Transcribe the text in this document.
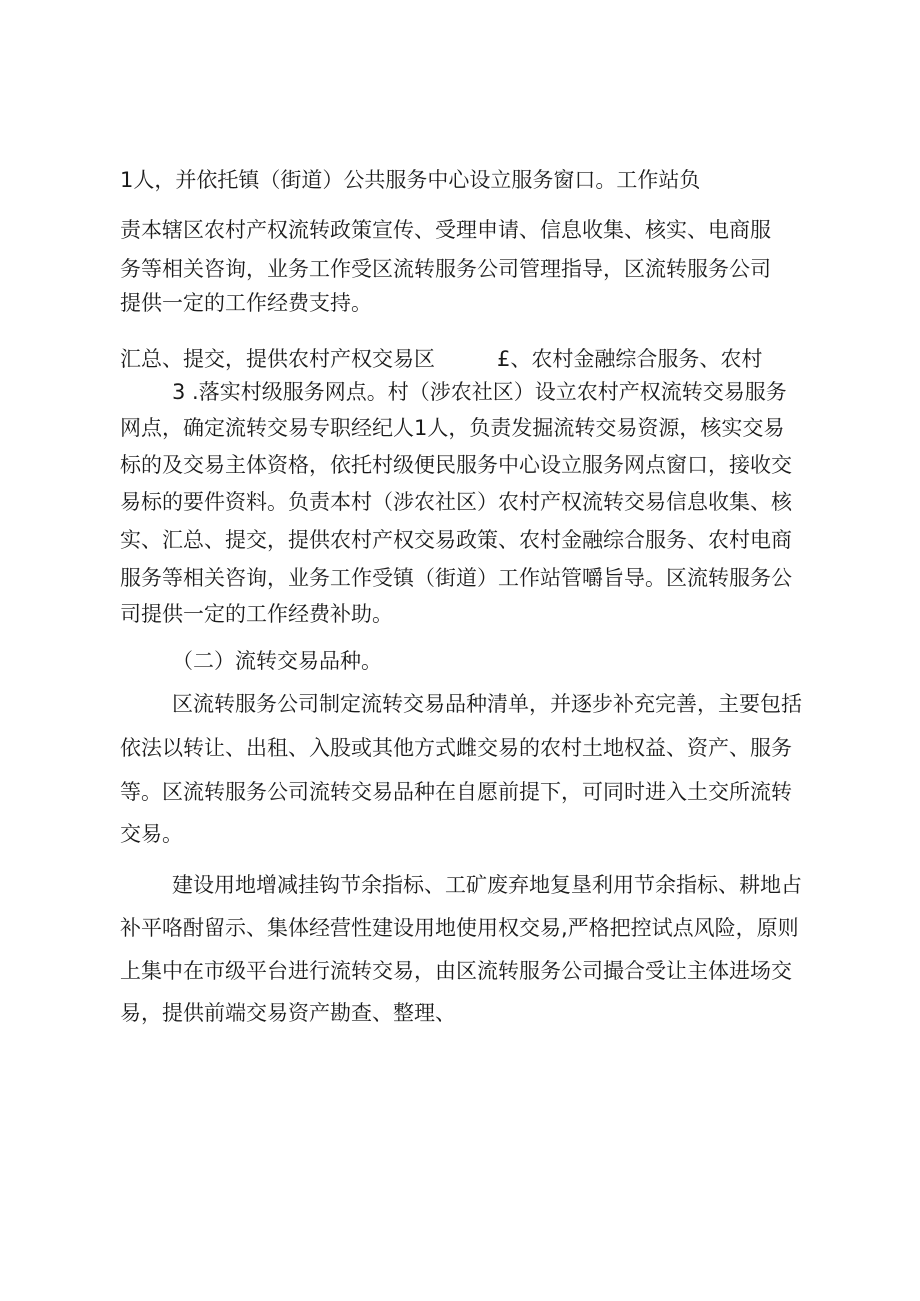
1人，并依托镇（街道）公共服务中心设立服务窗口。工作站负
责本辖区农村产权流转政策宣传、受理申请、信息收集、核实、电商服
务等相关咨询，业务工作受区流转服务公司管理指导，区流转服务公司
提供一定的工作经费支持。
汇总、提交，提供农村产权交易区	£、农村金融综合服务、农村
3 .落实村级服务网点。村（涉农社区）设立农村产权流转交易服务
网点，确定流转交易专职经纪人1人，负责发掘流转交易资源，核实交易
标的及交易主体资格，依托村级便民服务中心设立服务网点窗口，接收交
易标的要件资料。负责本村（涉农社区）农村产权流转交易信息收集、核
实、汇总、提交，提供农村产权交易政策、农村金融综合服务、农村电商
服务等相关咨询，业务工作受镇（街道）工作站管嚼旨导。区流转服务公
司提供一定的工作经费补助。
（二）流转交易品种。
区流转服务公司制定流转交易品种清单，并逐步补充完善，主要包括
依法以转让、出租、入股或其他方式雌交易的农村土地权益、资产、服务
等。区流转服务公司流转交易品种在自愿前提下，可同时进入土交所流转
交易。
建设用地增减挂钩节余指标、工矿废弃地复垦利用节余指标、耕地占
补平咯酎留示、集体经营性建设用地使用权交易,严格把控试点风险，原则
上集中在市级平台进行流转交易，由区流转服务公司撮合受让主体进场交
易，提供前端交易资产勘查、整理、
